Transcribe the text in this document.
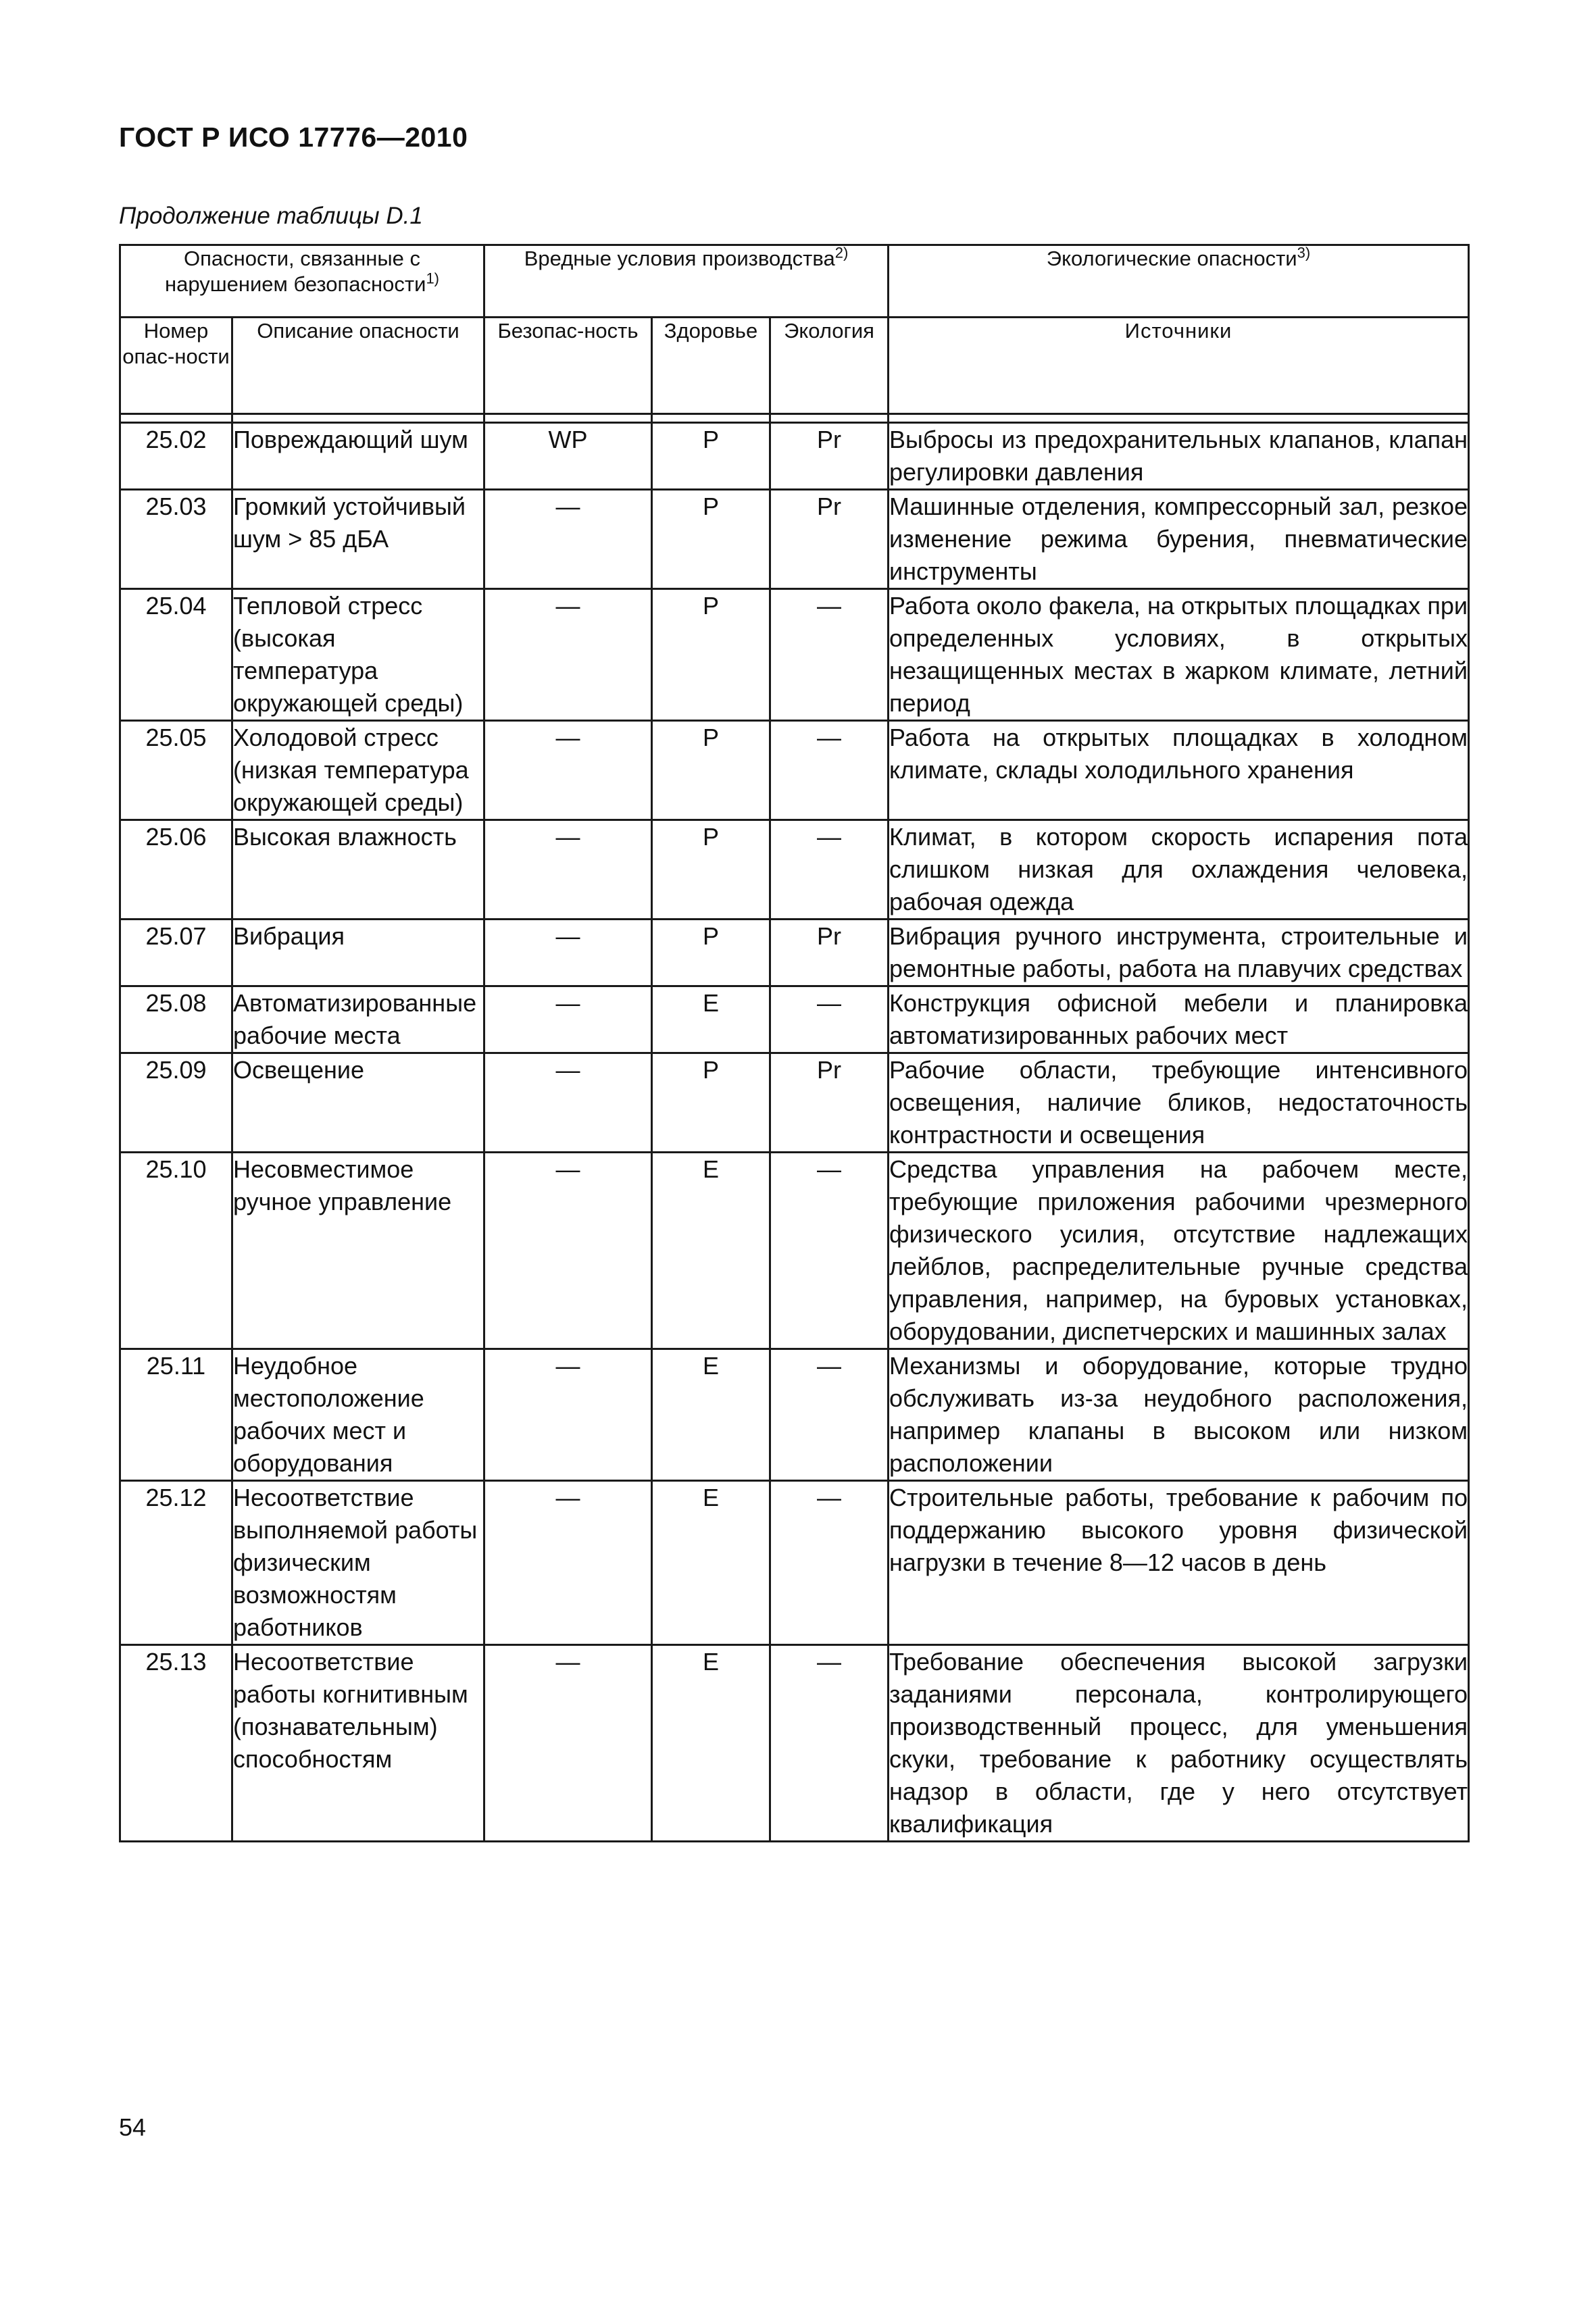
ГОСТ Р ИСО 17776—2010
Продолжение таблицы D.1
Опасности, связанные с нарушением безопасности$^{1)}$		Вредные условия производства$^{2)}$			Экологические опасности$^{3)}$
Номер опас-ности	Описание опасности	Безопас-ность	Здоровье	Экология	Источники

25.02	Повреждающий шум	WP	P	Pr	Выбросы из предохранительных клапанов, клапан регулировки давления
25.03	Громкий устойчивый шум > 85 дБА	—	P	Pr	Машинные отделения, компрессорный зал, резкое изменение режима бурения, пневматические инструменты
25.04	Тепловой стресс (высокая температура окружающей среды)	—	P	—	Работа около факела, на открытых площадках при определенных условиях, в открытых незащищенных местах в жарком климате, летний период
25.05	Холодовой стресс (низкая температура окружающей среды)	—	P	—	Работа на открытых площадках в холодном климате, склады холодильного хранения
25.06	Высокая влажность	—	P	—	Климат, в котором скорость испарения пота слишком низкая для охлаждения человека, рабочая одежда
25.07	Вибрация	—	P	Pr	Вибрация ручного инструмента, строительные и ремонтные работы, работа на плавучих средствах
25.08	Автоматизированные рабочие места	—	E	—	Конструкция офисной мебели и планировка автоматизированных рабочих мест
25.09	Освещение	—	P	Pr	Рабочие области, требующие интенсивного освещения, наличие бликов, недостаточность контрастности и освещения
25.10	Несовместимое ручное управление	—	E	—	Средства управления на рабочем месте, требующие приложения рабочими чрезмерного физического усилия, отсутствие надлежащих лейблов, распределительные ручные средства управления, например, на буровых установках, оборудовании, диспетчерских и машинных залах
25.11	Неудобное местоположение рабочих мест и оборудования	—	E	—	Механизмы и оборудование, которые трудно обслуживать из-за неудобного расположения, например клапаны в высоком или низком расположении
25.12	Несоответствие выполняемой работы физическим возможностям работников	—	E	—	Строительные работы, требование к рабочим по поддержанию высокого уровня физической нагрузки в течение 8—12 часов в день
25.13	Несоответствие работы когнитивным (познавательным) способностям	—	E	—	Требование обеспечения высокой загрузки заданиями персонала, контролирующего производственный процесс, для уменьшения скуки, требование к работнику осуществлять надзор в области, где у него отсутствует квалификация
54
